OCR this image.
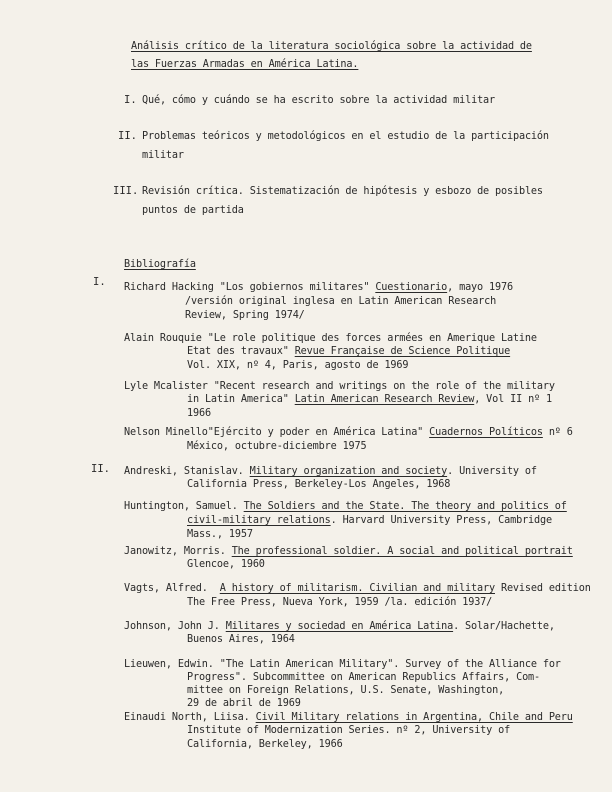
Análisis crítico de la literatura sociológica sobre la actividad de
las Fuerzas Armadas en América Latina.
I. Qué, cómo y cuándo se ha escrito sobre la actividad militar
II. Problemas teóricos y metodológicos en el estudio de la participación
militar
III. Revisión crítica. Sistematización de hipótesis y esbozo de posibles
puntos de partida
Bibliografía
I. Richard Hacking "Los gobiernos militares" Cuestionario, mayo 1976
/versión original inglesa en Latin American Research
Review, Spring 1974/
Alain Rouquie "Le role politique des forces armées en Amerique Latine
Etat des travaux" Revue Française de Science Politique
Vol. XIX, nº 4, Paris, agosto de 1969
Lyle Mcalister "Recent research and writings on the role of the military
in Latin America" Latin American Research Review, Vol II nº 1
1966
Nelson Minello"Ejército y poder en América Latina" Cuadernos Políticos nº 6
México, octubre-diciembre 1975
II. Andreski, Stanislav. Military organization and society. University of
California Press, Berkeley-Los Angeles, 1968
Huntington, Samuel. The Soldiers and the State. The theory and politics of
civil-military relations. Harvard University Press, Cambridge
Mass., 1957
Janowitz, Morris. The professional soldier. A social and political portrait
Glencoe, 1960
Vagts, Alfred.  A history of militarism. Civilian and military Revised edition
The Free Press, Nueva York, 1959 /la. edición 1937/
Johnson, John J. Militares y sociedad en América Latina. Solar/Hachette,
Buenos Aires, 1964
Lieuwen, Edwin. "The Latin American Military". Survey of the Alliance for
Progress". Subcommittee on American Republics Affairs, Com-
mittee on Foreign Relations, U.S. Senate, Washington,
29 de abril de 1969
Einaudi North, Liisa. Civil Military relations in Argentina, Chile and Peru
Institute of Modernization Series. nº 2, University of
California, Berkeley, 1966
